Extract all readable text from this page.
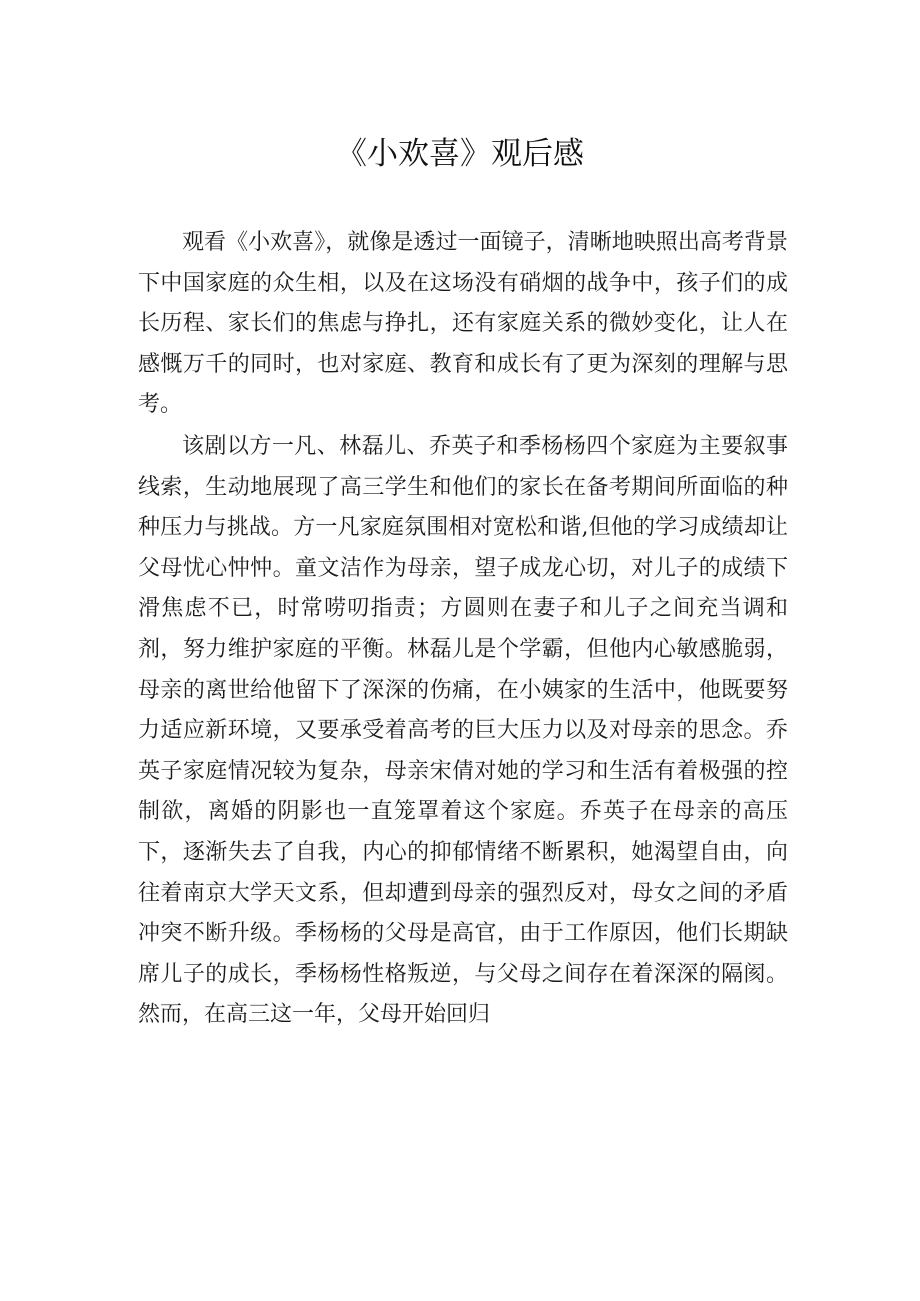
《小欢喜》观后感

观看《小欢喜》，就像是透过一面镜子，清晰地映照出高考背景下中国家庭的众生相，以及在这场没有硝烟的战争中，孩子们的成长历程、家长们的焦虑与挣扎，还有家庭关系的微妙变化，让人在感慨万千的同时，也对家庭、教育和成长有了更为深刻的理解与思考。

该剧以方一凡、林磊儿、乔英子和季杨杨四个家庭为主要叙事线索，生动地展现了高三学生和他们的家长在备考期间所面临的种种压力与挑战。方一凡家庭氛围相对宽松和谐,但他的学习成绩却让父母忧心忡忡。童文洁作为母亲，望子成龙心切，对儿子的成绩下滑焦虑不已，时常唠叨指责；方圆则在妻子和儿子之间充当调和剂，努力维护家庭的平衡。林磊儿是个学霸，但他内心敏感脆弱，母亲的离世给他留下了深深的伤痛，在小姨家的生活中，他既要努力适应新环境，又要承受着高考的巨大压力以及对母亲的思念。乔英子家庭情况较为复杂，母亲宋倩对她的学习和生活有着极强的控制欲，离婚的阴影也一直笼罩着这个家庭。乔英子在母亲的高压下，逐渐失去了自我，内心的抑郁情绪不断累积，她渴望自由，向往着南京大学天文系，但却遭到母亲的强烈反对，母女之间的矛盾冲突不断升级。季杨杨的父母是高官，由于工作原因，他们长期缺席儿子的成长，季杨杨性格叛逆，与父母之间存在着深深的隔阂。然而，在高三这一年，父母开始回归
